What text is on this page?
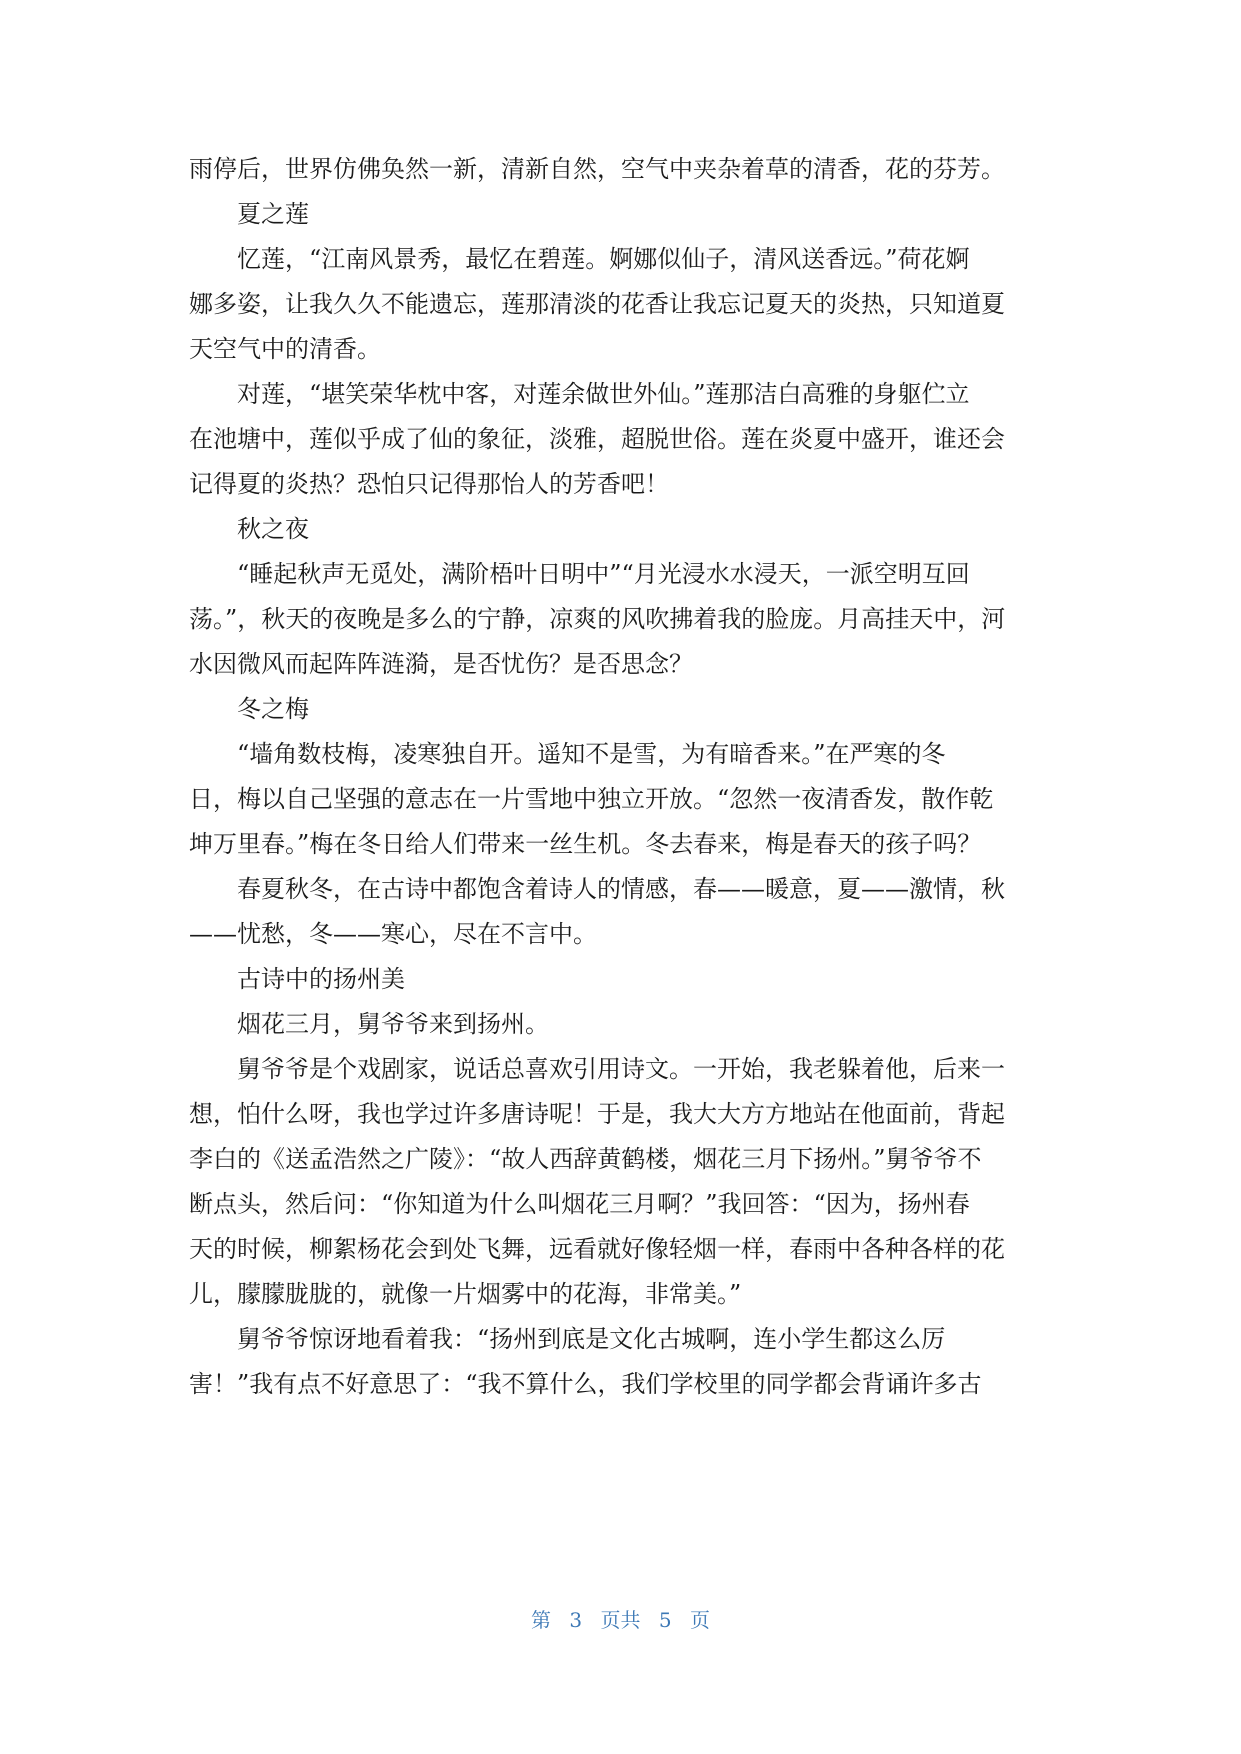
雨停后，世界仿佛奂然一新，清新自然，空气中夹杂着草的清香，花的芬芳。
夏之莲
忆莲，“江南风景秀，最忆在碧莲。婀娜似仙子，清风送香远。”荷花婀
娜多姿，让我久久不能遗忘，莲那清淡的花香让我忘记夏天的炎热，只知道夏
天空气中的清香。
对莲，“堪笑荣华枕中客，对莲余做世外仙。”莲那洁白高雅的身躯伫立
在池塘中，莲似乎成了仙的象征，淡雅，超脱世俗。莲在炎夏中盛开，谁还会
记得夏的炎热？恐怕只记得那怡人的芳香吧！
秋之夜
“睡起秋声无觅处，满阶梧叶日明中”“月光浸水水浸天，一派空明互回
荡。”，秋天的夜晚是多么的宁静，凉爽的风吹拂着我的脸庞。月高挂天中，河
水因微风而起阵阵涟漪，是否忧伤？是否思念？
冬之梅
“墙角数枝梅，凌寒独自开。遥知不是雪，为有暗香来。”在严寒的冬
日，梅以自己坚强的意志在一片雪地中独立开放。“忽然一夜清香发，散作乾
坤万里春。”梅在冬日给人们带来一丝生机。冬去春来，梅是春天的孩子吗？
春夏秋冬，在古诗中都饱含着诗人的情感，春——暖意，夏——激情，秋
——忧愁，冬——寒心，尽在不言中。
古诗中的扬州美
烟花三月，舅爷爷来到扬州。
舅爷爷是个戏剧家，说话总喜欢引用诗文。一开始，我老躲着他，后来一
想，怕什么呀，我也学过许多唐诗呢！于是，我大大方方地站在他面前，背起
李白的《送孟浩然之广陵》：“故人西辞黄鹤楼，烟花三月下扬州。”舅爷爷不
断点头，然后问：“你知道为什么叫烟花三月啊？”我回答：“因为，扬州春
天的时候，柳絮杨花会到处飞舞，远看就好像轻烟一样，春雨中各种各样的花
儿，朦朦胧胧的，就像一片烟雾中的花海，非常美。”
舅爷爷惊讶地看着我：“扬州到底是文化古城啊，连小学生都这么厉
害！”我有点不好意思了：“我不算什么，我们学校里的同学都会背诵许多古
第 3 页共 5 页
